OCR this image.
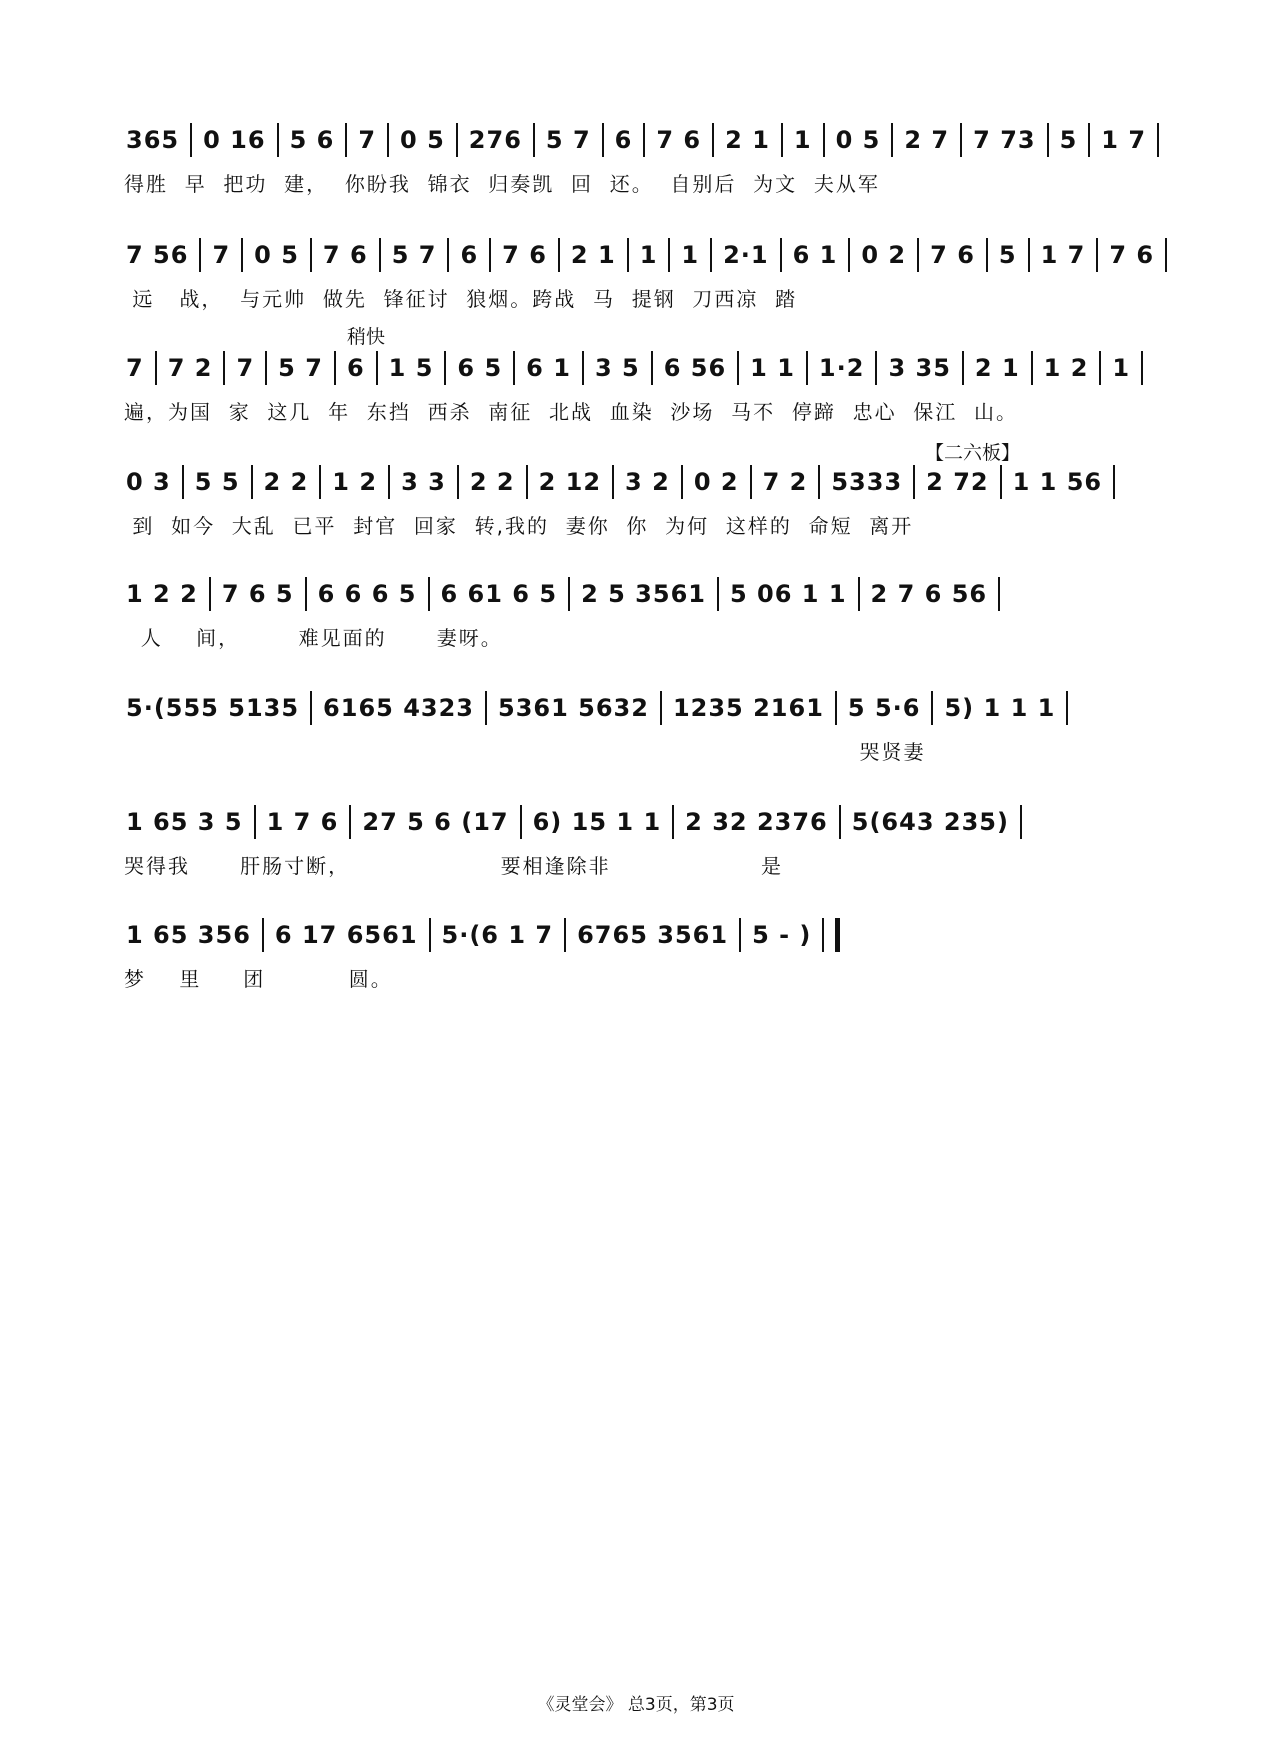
稍快
【二六板】
365 0 16 5 6 7 0 5 276 5 7 6 7 6 2 1 1 0 5 2 7 7 73 5 1 7
得胜  早  把功  建，  你盼我  锦衣  归奏凯  回  还。  自别后  为文  夫从军
7 56 7 0 5 7 6 5 7 6 7 6 2 1 1 1 2·1 6 1 0 2 7 6 5 1 7 7 6
远   战，  与元帅  做先  锋征讨  狼烟。跨战  马  提钢  刀西凉  踏
7 7 2 7 5 7 6 1 5 6 5 6 1 3 5 6 56 1 1 1·2 3 35 2 1 1 2 1
遍，为国  家  这几  年  东挡  西杀  南征  北战  血染  沙场  马不  停蹄  忠心  保江  山。
0 3 5 5 2 2 1 2 3 3 2 2 2 12 3 2 0 2 7 2 5333 2 72 1 1 56
到  如今  大乱  已平  封官  回家  转,我的  妻你  你  为何  这样的  命短  离开
1 2 2 7 6 5 6 6 6 5 6 61 6 5 2 5 3561 5 06 1 1 2 7 6 56
人    间，       难见面的      妻呀。
5·(555 5135 6165 4323 5361 5632 1235 2161 5 5·6 5) 1 1 1
哭贤妻
1 65 3 5 1 7 6 27 5 6 (17 6) 15 1 1 2 32 2376 5(643 235)
哭得我      肝肠寸断，                  要相逢除非                  是
1 65 356 6 17 6561 5·(6 1 7 6765 3561 5 - )
梦    里     团          圆。
《灵堂会》 总3页，第3页
